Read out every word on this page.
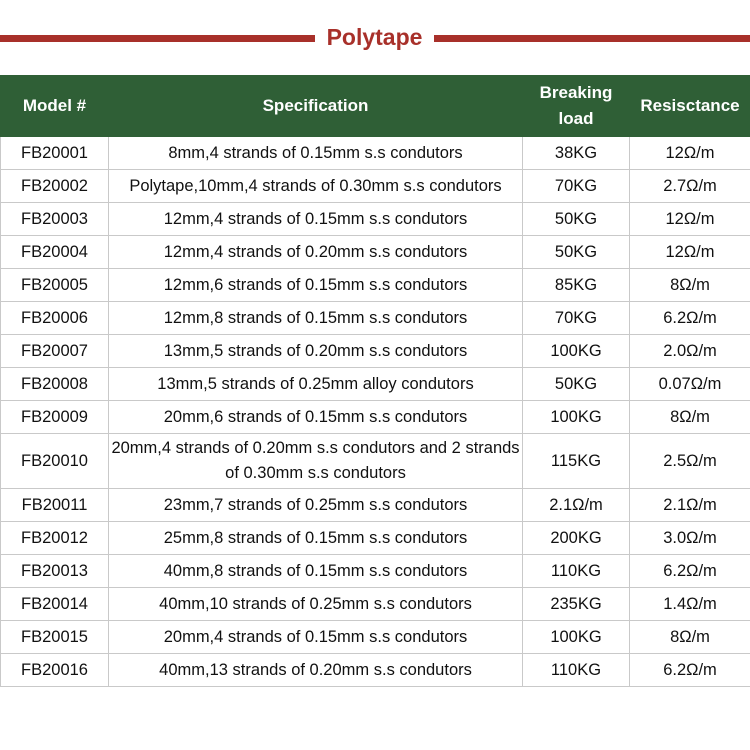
Polytape
Model #	Specification	Breaking load	Resisctance
FB20001	8mm,4 strands of 0.15mm s.s condutors	38KG	12Ω/m
FB20002	Polytape,10mm,4 strands of 0.30mm s.s condutors	70KG	2.7Ω/m
FB20003	12mm,4 strands of 0.15mm s.s condutors	50KG	12Ω/m
FB20004	12mm,4 strands of 0.20mm s.s condutors	50KG	12Ω/m
FB20005	12mm,6 strands of 0.15mm s.s condutors	85KG	8Ω/m
FB20006	12mm,8 strands of 0.15mm s.s condutors	70KG	6.2Ω/m
FB20007	13mm,5 strands of 0.20mm s.s condutors	100KG	2.0Ω/m
FB20008	13mm,5 strands of 0.25mm alloy condutors	50KG	0.07Ω/m
FB20009	20mm,6 strands of 0.15mm s.s condutors	100KG	8Ω/m
FB20010	20mm,4 strands of 0.20mm s.s condutors and 2 strands of 0.30mm s.s condutors	115KG	2.5Ω/m
FB20011	23mm,7 strands of 0.25mm s.s condutors	2.1Ω/m	2.1Ω/m
FB20012	25mm,8 strands of 0.15mm s.s condutors	200KG	3.0Ω/m
FB20013	40mm,8 strands of 0.15mm s.s condutors	110KG	6.2Ω/m
FB20014	40mm,10 strands of 0.25mm s.s condutors	235KG	1.4Ω/m
FB20015	20mm,4 strands of 0.15mm s.s condutors	100KG	8Ω/m
FB20016	40mm,13 strands of 0.20mm s.s condutors	110KG	6.2Ω/m
